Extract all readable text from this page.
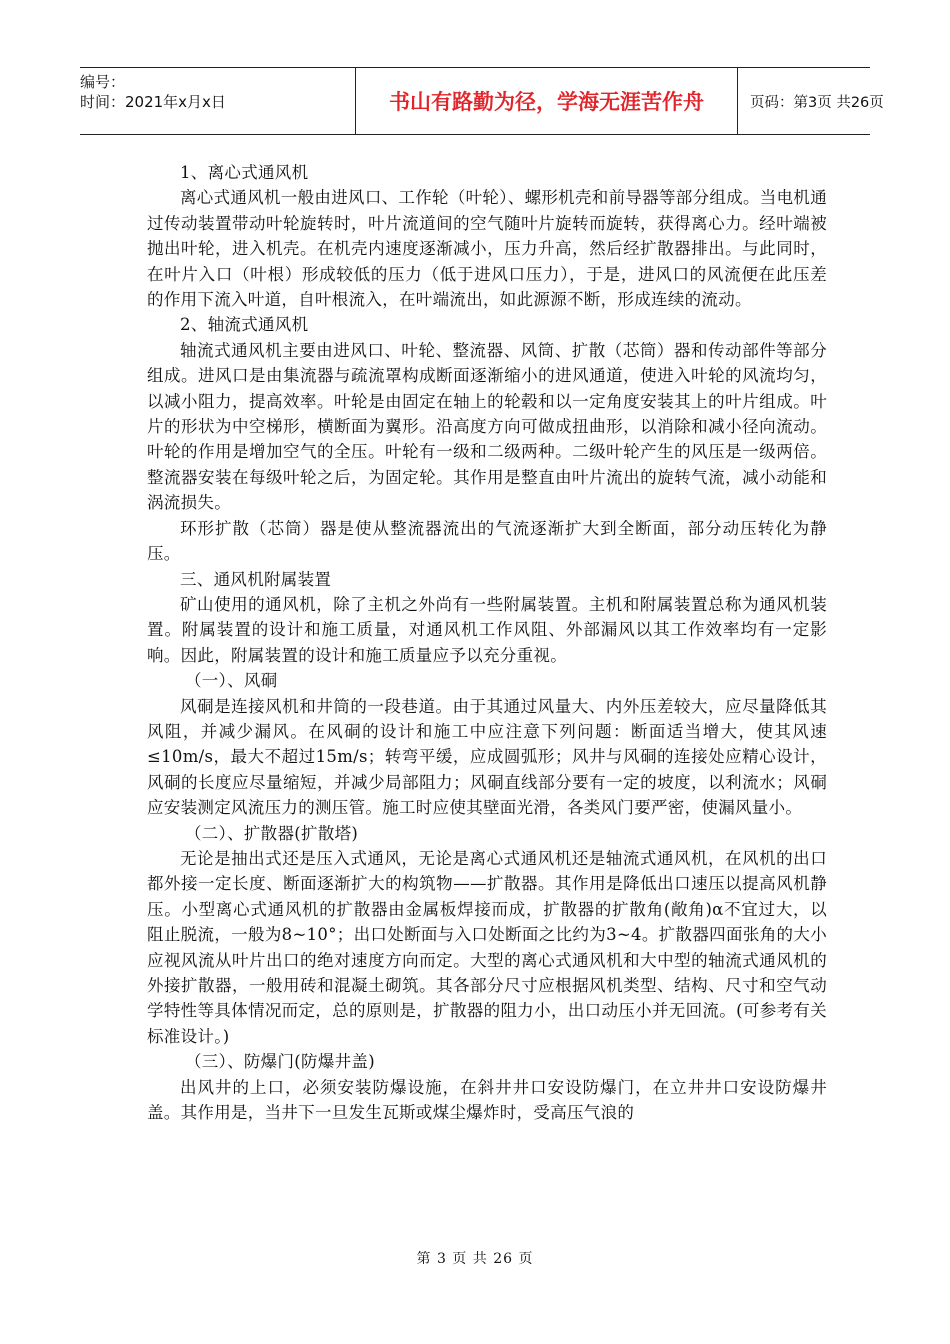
编号：
时间：2021年x月x日	书山有路勤为径，学海无涯苦作舟	页码：第3页 共26页

1、离心式通风机

离心式通风机一般由进风口、工作轮（叶轮）、螺形机壳和前导器等部分组成。当电机通过传动装置带动叶轮旋转时，叶片流道间的空气随叶片旋转而旋转，获得离心力。经叶端被抛出叶轮，进入机壳。在机壳内速度逐渐减小，压力升高，然后经扩散器排出。与此同时，在叶片入口（叶根）形成较低的压力（低于进风口压力），于是，进风口的风流便在此压差的作用下流入叶道，自叶根流入，在叶端流出，如此源源不断，形成连续的流动。

2、轴流式通风机

轴流式通风机主要由进风口、叶轮、整流器、风筒、扩散（芯筒）器和传动部件等部分组成。进风口是由集流器与疏流罩构成断面逐渐缩小的进风通道，使进入叶轮的风流均匀，以减小阻力，提高效率。叶轮是由固定在轴上的轮毂和以一定角度安装其上的叶片组成。叶片的形状为中空梯形，横断面为翼形。沿高度方向可做成扭曲形，以消除和减小径向流动。叶轮的作用是增加空气的全压。叶轮有一级和二级两种。二级叶轮产生的风压是一级两倍。整流器安装在每级叶轮之后，为固定轮。其作用是整直由叶片流出的旋转气流，减小动能和涡流损失。

环形扩散（芯筒）器是使从整流器流出的气流逐渐扩大到全断面，部分动压转化为静压。

三、通风机附属装置

矿山使用的通风机，除了主机之外尚有一些附属装置。主机和附属装置总称为通风机装置。附属装置的设计和施工质量，对通风机工作风阻、外部漏风以其工作效率均有一定影响。因此，附属装置的设计和施工质量应予以充分重视。

（一）、风硐

风硐是连接风机和井筒的一段巷道。由于其通过风量大、内外压差较大，应尽量降低其风阻，并减少漏风。在风硐的设计和施工中应注意下列问题：断面适当增大，使其风速≤10m/s，最大不超过15m/s；转弯平缓，应成圆弧形；风井与风硐的连接处应精心设计，风硐的长度应尽量缩短，并减少局部阻力；风硐直线部分要有一定的坡度，以利流水；风硐应安装测定风流压力的测压管。施工时应使其壁面光滑，各类风门要严密，使漏风量小。

（二）、扩散器(扩散塔)

无论是抽出式还是压入式通风，无论是离心式通风机还是轴流式通风机，在风机的出口都外接一定长度、断面逐渐扩大的构筑物——扩散器。其作用是降低出口速压以提高风机静压。小型离心式通风机的扩散器由金属板焊接而成，扩散器的扩散角(敞角)α不宜过大，以阻止脱流，一般为8~10°；出口处断面与入口处断面之比约为3~4。扩散器四面张角的大小应视风流从叶片出口的绝对速度方向而定。大型的离心式通风机和大中型的轴流式通风机的外接扩散器，一般用砖和混凝土砌筑。其各部分尺寸应根据风机类型、结构、尺寸和空气动学特性等具体情况而定，总的原则是，扩散器的阻力小，出口动压小并无回流。(可参考有关标准设计。)

（三）、防爆门(防爆井盖)

出风井的上口，必须安装防爆设施，在斜井井口安设防爆门，在立井井口安设防爆井盖。其作用是，当井下一旦发生瓦斯或煤尘爆炸时，受高压气浪的

第 3 页 共 26 页
